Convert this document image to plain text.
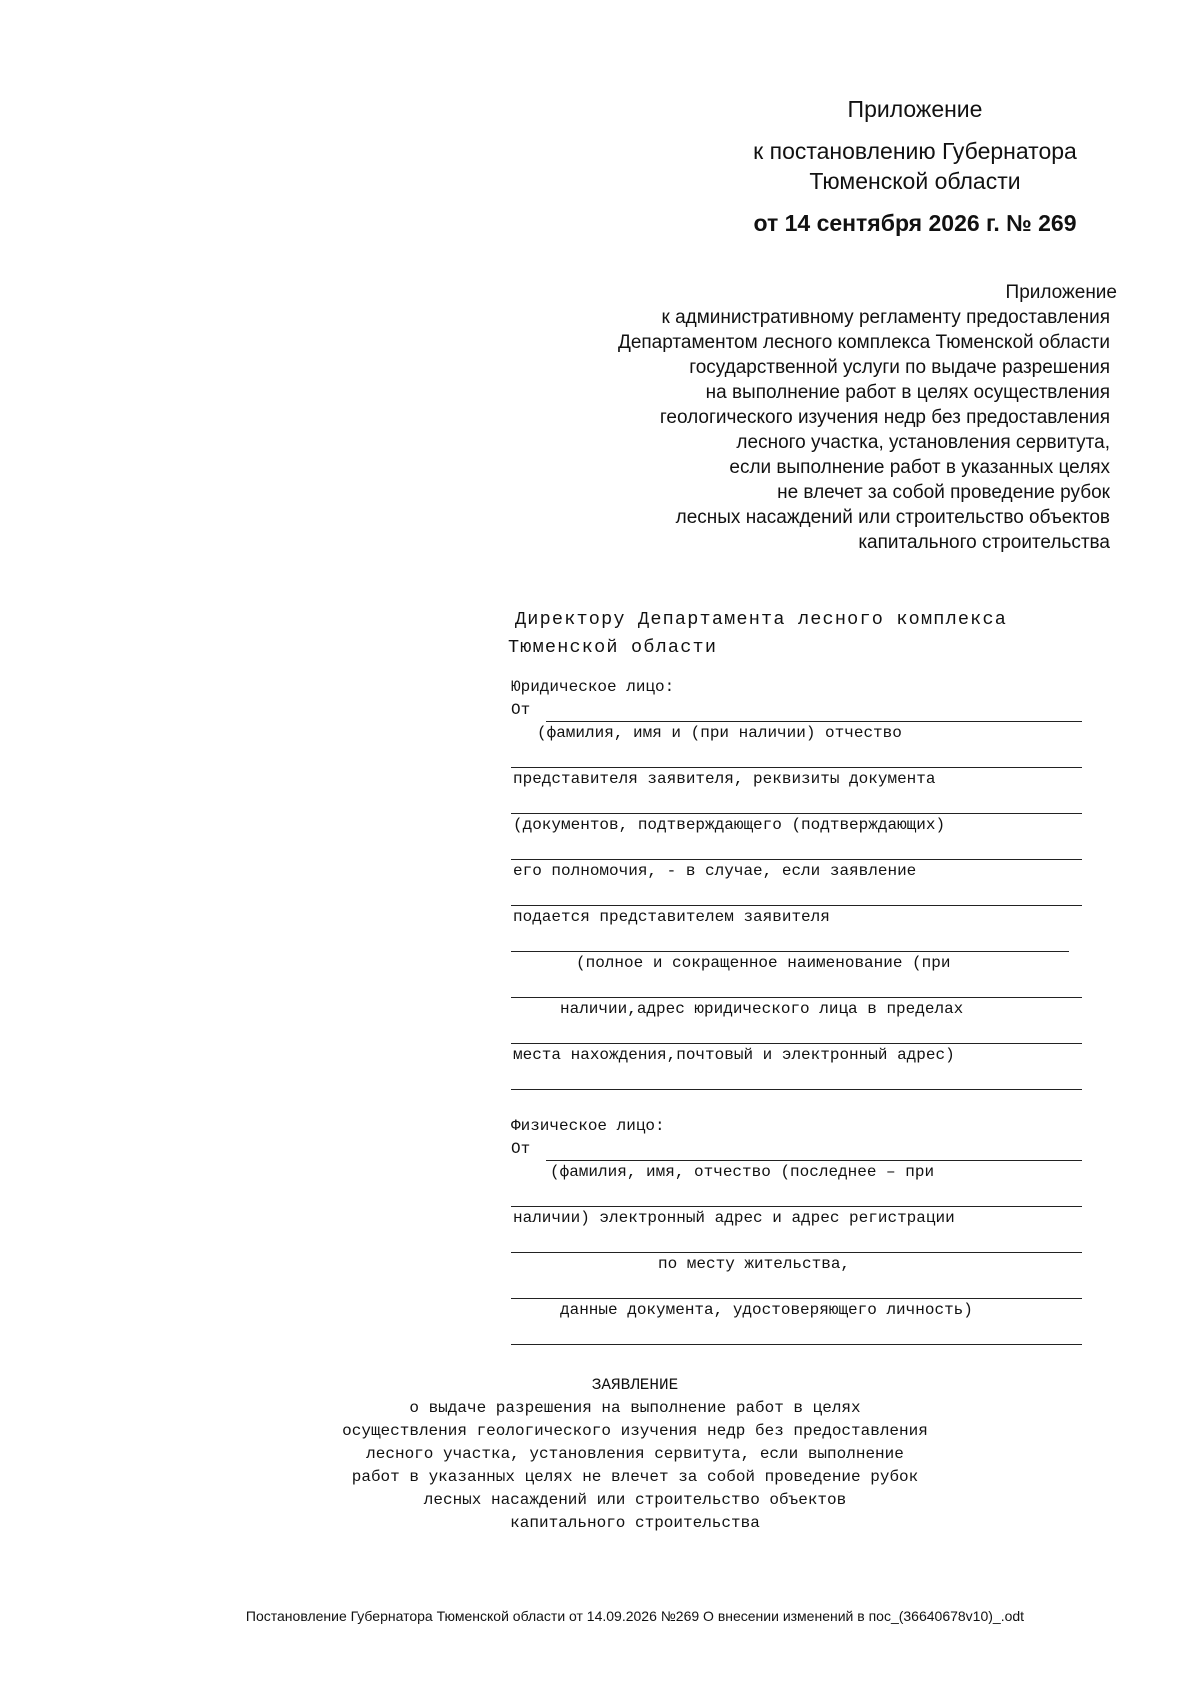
Приложение
к постановлению Губернатора
Тюменской области
от 14 сентября 2026 г. № 269
Приложение
к административному регламенту предоставления
Департаментом лесного комплекса Тюменской области
государственной услуги по выдаче разрешения
на выполнение работ в целях осуществления
геологического изучения недр без предоставления
лесного участка, установления сервитута,
если выполнение работ в указанных целях
не влечет за собой проведение рубок
лесных насаждений или строительство объектов
капитального строительства
Директору Департамента лесного комплекса
Тюменской области
Юридическое лицо:
От
(фамилия, имя и (при наличии) отчество
представителя заявителя, реквизиты документа
(документов, подтверждающего (подтверждающих)
его полномочия, - в случае, если заявление
подается представителем заявителя
(полное и сокращенное наименование (при
наличии,адрес юридического лица в пределах
места нахождения,почтовый и электронный адрес)
Физическое лицо:
От
(фамилия, имя, отчество (последнее – при
наличии) электронный адрес и адрес регистрации
по месту жительства,
данные документа, удостоверяющего личность)
ЗАЯВЛЕНИЕ
о выдаче разрешения на выполнение работ в целях
осуществления геологического изучения недр без предоставления
лесного участка, установления сервитута, если выполнение
работ в указанных целях не влечет за собой проведение рубок
лесных насаждений или строительство объектов
капитального строительства
Постановление Губернатора Тюменской области от 14.09.2026 №269 О внесении изменений в пос_(36640678v10)_.odt
